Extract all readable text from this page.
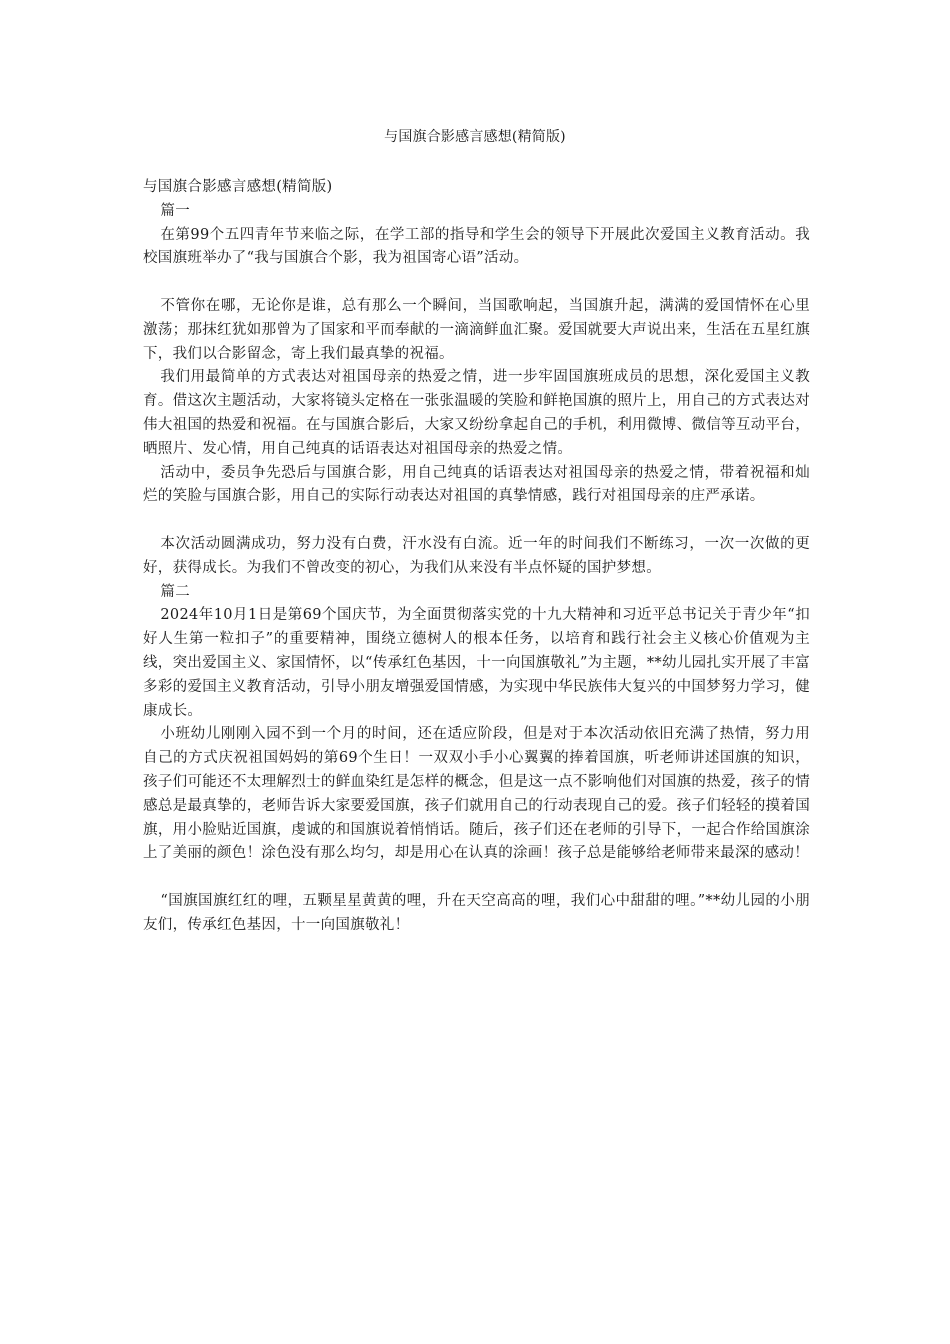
与国旗合影感言感想(精简版)

与国旗合影感言感想(精简版)

篇一

在第99个五四青年节来临之际，在学工部的指导和学生会的领导下开展此次爱国主义教育活动。我校国旗班举办了“我与国旗合个影，我为祖国寄心语”活动。

不管你在哪，无论你是谁，总有那么一个瞬间，当国歌响起，当国旗升起，满满的爱国情怀在心里激荡；那抹红犹如那曾为了国家和平而奉献的一滴滴鲜血汇聚。爱国就要大声说出来，生活在五星红旗下，我们以合影留念，寄上我们最真挚的祝福。

我们用最简单的方式表达对祖国母亲的热爱之情，进一步牢固国旗班成员的思想，深化爱国主义教育。借这次主题活动，大家将镜头定格在一张张温暖的笑脸和鲜艳国旗的照片上，用自己的方式表达对伟大祖国的热爱和祝福。在与国旗合影后，大家又纷纷拿起自己的手机，利用微博、微信等互动平台，晒照片、发心情，用自己纯真的话语表达对祖国母亲的热爱之情。

活动中，委员争先恐后与国旗合影，用自己纯真的话语表达对祖国母亲的热爱之情，带着祝福和灿烂的笑脸与国旗合影，用自己的实际行动表达对祖国的真挚情感，践行对祖国母亲的庄严承诺。

本次活动圆满成功，努力没有白费，汗水没有白流。近一年的时间我们不断练习，一次一次做的更好，获得成长。为我们不曾改变的初心，为我们从来没有半点怀疑的国护梦想。

篇二

2024年10月1日是第69个国庆节，为全面贯彻落实党的十九大精神和习近平总书记关于青少年“扣好人生第一粒扣子”的重要精神，围绕立德树人的根本任务，以培育和践行社会主义核心价值观为主线，突出爱国主义、家国情怀，以“传承红色基因，十一向国旗敬礼”为主题，**幼儿园扎实开展了丰富多彩的爱国主义教育活动，引导小朋友增强爱国情感，为实现中华民族伟大复兴的中国梦努力学习，健康成长。

小班幼儿刚刚入园不到一个月的时间，还在适应阶段，但是对于本次活动依旧充满了热情，努力用自己的方式庆祝祖国妈妈的第69个生日！一双双小手小心翼翼的捧着国旗，听老师讲述国旗的知识，孩子们可能还不太理解烈士的鲜血染红是怎样的概念，但是这一点不影响他们对国旗的热爱，孩子的情感总是最真挚的，老师告诉大家要爱国旗，孩子们就用自己的行动表现自己的爱。孩子们轻轻的摸着国旗，用小脸贴近国旗，虔诚的和国旗说着悄悄话。随后，孩子们还在老师的引导下，一起合作给国旗涂上了美丽的颜色！涂色没有那么均匀，却是用心在认真的涂画！孩子总是能够给老师带来最深的感动！

“国旗国旗红红的哩，五颗星星黄黄的哩，升在天空高高的哩，我们心中甜甜的哩。”**幼儿园的小朋友们，传承红色基因，十一向国旗敬礼！
